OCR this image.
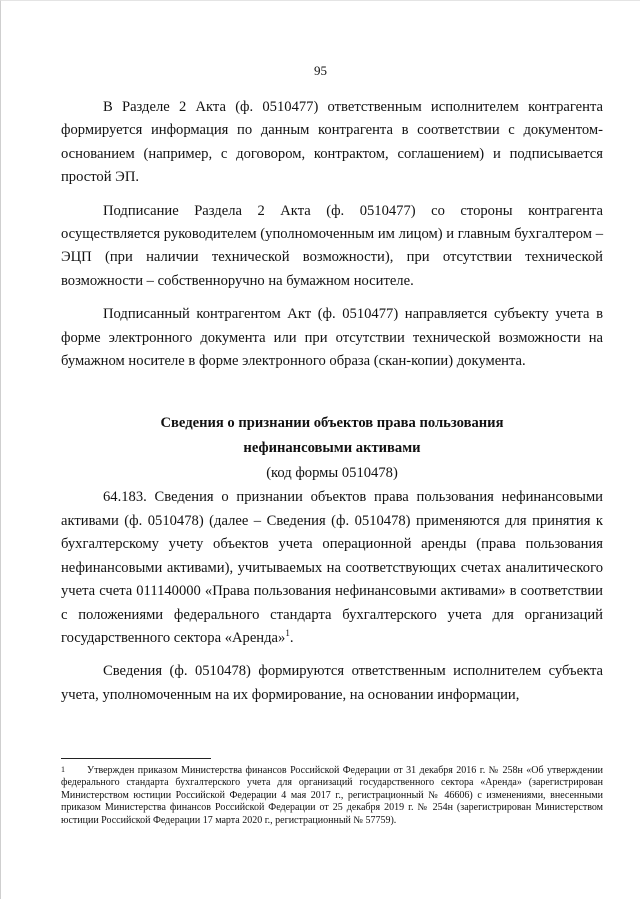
95

В Разделе 2 Акта (ф. 0510477) ответственным исполнителем контрагента формируется информация по данным контрагента в соответствии с документом-основанием (например, с договором, контрактом, соглашением) и подписывается простой ЭП.

Подписание Раздела 2 Акта (ф. 0510477) со стороны контрагента осуществляется руководителем (уполномоченным им лицом) и главным бухгалтером – ЭЦП (при наличии технической возможности), при отсутствии технической возможности – собственноручно на бумажном носителе.

Подписанный контрагентом Акт (ф. 0510477) направляется субъекту учета в форме электронного документа или при отсутствии технической возможности на бумажном носителе в форме электронного образа (скан-копии) документа.

Сведения о признании объектов права пользования

нефинансовыми активами

(код формы 0510478)

64.183. Сведения о признании объектов права пользования нефинансовыми активами (ф. 0510478) (далее – Сведения (ф. 0510478) применяются для принятия к бухгалтерскому учету объектов учета операционной аренды (права пользования нефинансовыми активами), учитываемых на соответствующих счетах аналитического учета счета 011140000 «Права пользования нефинансовыми активами» в соответствии с положениями федерального стандарта бухгалтерского учета для организаций государственного сектора «Аренда»$^1$.

Сведения (ф. 0510478) формируются ответственным исполнителем субъекта учета, уполномоченным на их формирование, на основании информации,

1 Утвержден приказом Министерства финансов Российской Федерации от 31 декабря 2016 г. № 258н «Об утверждении федерального стандарта бухгалтерского учета для организаций государственного сектора «Аренда» (зарегистрирован Министерством юстиции Российской Федерации 4 мая 2017 г., регистрационный № 46606) с изменениями, внесенными приказом Министерства финансов Российской Федерации от 25 декабря 2019 г. № 254н (зарегистрирован Министерством юстиции Российской Федерации 17 марта 2020 г., регистрационный № 57759).
